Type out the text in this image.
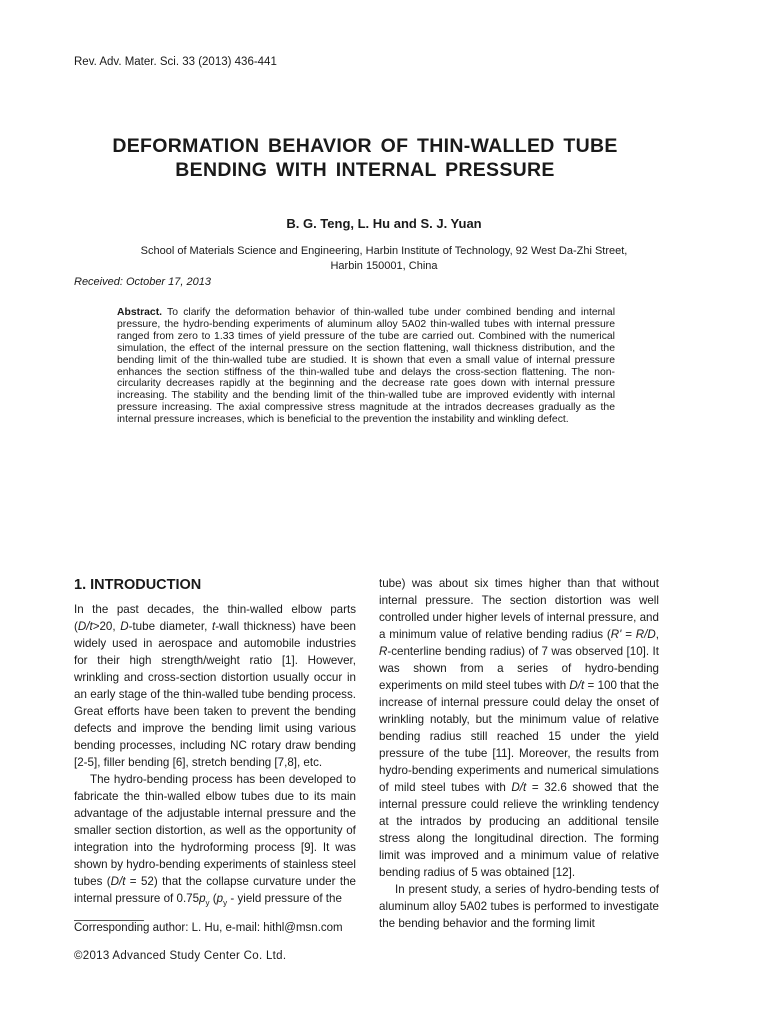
Rev. Adv. Mater. Sci. 33 (2013) 436-441
DEFORMATION BEHAVIOR OF THIN-WALLED TUBE
BENDING WITH INTERNAL PRESSURE
B. G. Teng, L. Hu and S. J. Yuan
School of Materials Science and Engineering, Harbin Institute of Technology, 92 West Da-Zhi Street,
Harbin 150001, China
Received: October 17, 2013
Abstract. To clarify the deformation behavior of thin-walled tube under combined bending and internal pressure, the hydro-bending experiments of aluminum alloy 5A02 thin-walled tubes with internal pressure ranged from zero to 1.33 times of yield pressure of the tube are carried out. Combined with the numerical simulation, the effect of the internal pressure on the section flattening, wall thickness distribution, and the bending limit of the thin-walled tube are studied. It is shown that even a small value of internal pressure enhances the section stiffness of the thin-walled tube and delays the cross-section flattening. The non-circularity decreases rapidly at the beginning and the decrease rate goes down with internal pressure increasing. The stability and the bending limit of the thin-walled tube are improved evidently with internal pressure increasing. The axial compressive stress magnitude at the intrados decreases gradually as the internal pressure increases, which is beneficial to the prevention the instability and winkling defect.
1. INTRODUCTION

In the past decades, the thin-walled elbow parts (D/t>20, D-tube diameter, t-wall thickness) have been widely used in aerospace and automobile industries for their high strength/weight ratio [1]. However, wrinkling and cross-section distortion usually occur in an early stage of the thin-walled tube bending process. Great efforts have been taken to prevent the bending defects and improve the bending limit using various bending processes, including NC rotary draw bending [2-5], filler bending [6], stretch bending [7,8], etc.

The hydro-bending process has been developed to fabricate the thin-walled elbow tubes due to its main advantage of the adjustable internal pressure and the smaller section distortion, as well as the opportunity of integration into the hydroforming process [9]. It was shown by hydro-bending experiments of stainless steel tubes (D/t = 52) that the collapse curvature under the internal pressure of $0.75p_y$ ($p_y$ - yield pressure of the

tube) was about six times higher than that without internal pressure. The section distortion was well controlled under higher levels of internal pressure, and a minimum value of relative bending radius (R' = R/D, R-centerline bending radius) of 7 was observed [10]. It was shown from a series of hydro-bending experiments on mild steel tubes with D/t = 100 that the increase of internal pressure could delay the onset of wrinkling notably, but the minimum value of relative bending radius still reached 15 under the yield pressure of the tube [11]. Moreover, the results from hydro-bending experiments and numerical simulations of mild steel tubes with D/t = 32.6 showed that the internal pressure could relieve the wrinkling tendency at the intrados by producing an additional tensile stress along the longitudinal direction. The forming limit was improved and a minimum value of relative bending radius of 5 was obtained [12].

In present study, a series of hydro-bending tests of aluminum alloy 5A02 tubes is performed to investigate the bending behavior and the forming limit

Corresponding author: L. Hu, e-mail: hithl@msn.com
©2013 Advanced Study Center Co. Ltd.
